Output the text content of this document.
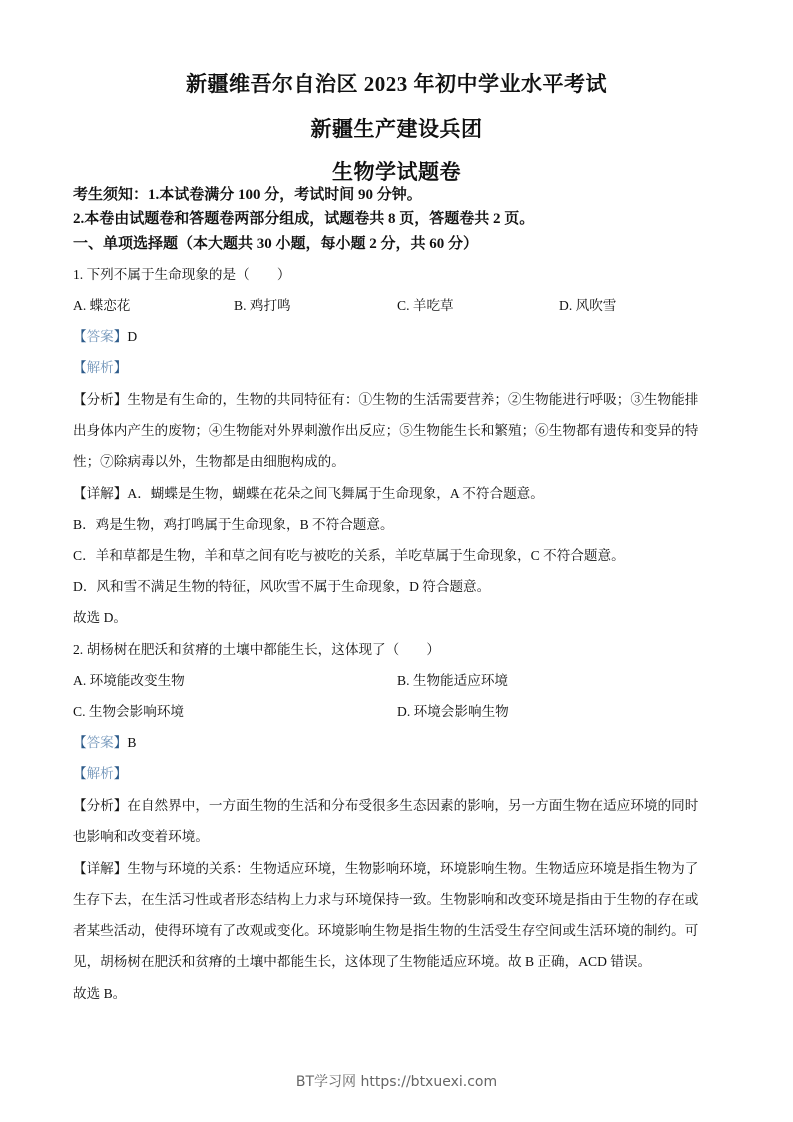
新疆维吾尔自治区 2023 年初中学业水平考试
新疆生产建设兵团
生物学试题卷
考生须知：1.本试卷满分 100 分，考试时间 90 分钟。
2.本卷由试题卷和答题卷两部分组成，试题卷共 8 页，答题卷共 2 页。
一、单项选择题（本大题共 30 小题，每小题 2 分，共 60 分）
1. 下列不属于生命现象的是（　　）
A. 蝶恋花	B. 鸡打鸣	C. 羊吃草	D. 风吹雪
【答案】D
【解析】
【分析】生物是有生命的，生物的共同特征有：①生物的生活需要营养；②生物能进行呼吸；③生物能排
出身体内产生的废物；④生物能对外界刺激作出反应；⑤生物能生长和繁殖；⑥生物都有遗传和变异的特
性；⑦除病毒以外，生物都是由细胞构成的。
【详解】A．蝴蝶是生物，蝴蝶在花朵之间飞舞属于生命现象，A 不符合题意。
B．鸡是生物，鸡打鸣属于生命现象，B 不符合题意。
C．羊和草都是生物，羊和草之间有吃与被吃的关系，羊吃草属于生命现象，C 不符合题意。
D．风和雪不满足生物的特征，风吹雪不属于生命现象，D 符合题意。
故选 D。
2. 胡杨树在肥沃和贫瘠的土壤中都能生长，这体现了（　　）
A. 环境能改变生物	B. 生物能适应环境
C. 生物会影响环境	D. 环境会影响生物
【答案】B
【解析】
【分析】在自然界中，一方面生物的生活和分布受很多生态因素的影响，另一方面生物在适应环境的同时
也影响和改变着环境。
【详解】生物与环境的关系：生物适应环境，生物影响环境，环境影响生物。生物适应环境是指生物为了
生存下去，在生活习性或者形态结构上力求与环境保持一致。生物影响和改变环境是指由于生物的存在或
者某些活动，使得环境有了改观或变化。环境影响生物是指生物的生活受生存空间或生活环境的制约。可
见，胡杨树在肥沃和贫瘠的土壤中都能生长，这体现了生物能适应环境。故 B 正确，ACD 错误。
故选 B。
BT学习网 https://btxuexi.com
